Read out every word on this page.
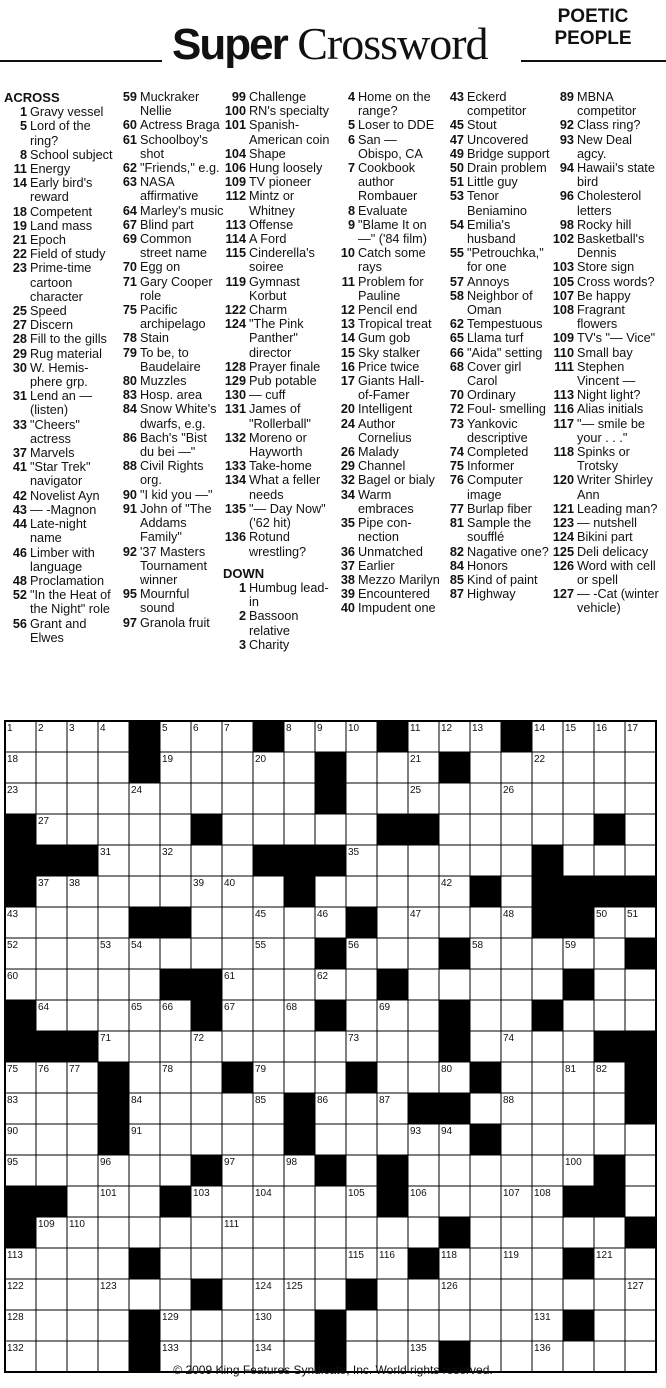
Super Crossword
POETIC
PEOPLE
ACROSS
1 Gravy vessel
5 Lord of the ring?
8 School subject
11 Energy
14 Early bird's reward
18 Competent
19 Land mass
21 Epoch
22 Field of study
23 Prime-time cartoon character
25 Speed
27 Discern
28 Fill to the gills
29 Rug material
30 W. Hemis- phere grp.
31 Lend an — (listen)
33 "Cheers" actress
37 Marvels
41 "Star Trek" navigator
42 Novelist Ayn
43 — -Magnon
44 Late-night name
46 Limber with language
48 Proclamation
52 "In the Heat of the Night" role
56 Grant and Elwes
59 Muckraker Nellie
60 Actress Braga
61 Schoolboy's shot
62 "Friends," e.g.
63 NASA affirmative
64 Marley's music
67 Blind part
69 Common street name
70 Egg on
71 Gary Cooper role
75 Pacific archipelago
78 Stain
79 To be, to Baudelaire
80 Muzzles
83 Hosp. area
84 Snow White's dwarfs, e.g.
86 Bach's "Bist du bei —"
88 Civil Rights org.
90 "I kid you —"
91 John of "The Addams Family"
92 '37 Masters Tournament winner
95 Mournful sound
97 Granola fruit
99 Challenge
100 RN's specialty
101 Spanish- American coin
104 Shape
106 Hung loosely
109 TV pioneer
112 Mintz or Whitney
113 Offense
114 A Ford
115 Cinderella's soiree
119 Gymnast Korbut
122 Charm
124 "The Pink Panther" director
128 Prayer finale
129 Pub potable
130 — cuff
131 James of "Rollerball"
132 Moreno or Hayworth
133 Take-home
134 What a feller needs
135 "— Day Now" ('62 hit)
136 Rotund wrestling?
DOWN
1 Humbug lead-in
2 Bassoon relative
3 Charity
4 Home on the range?
5 Loser to DDE
6 San — Obispo, CA
7 Cookbook author Rombauer
8 Evaluate
9 "Blame It on —" ('84 film)
10 Catch some rays
11 Problem for Pauline
12 Pencil end
13 Tropical treat
14 Gum gob
15 Sky stalker
16 Price twice
17 Giants Hall- of-Famer
20 Intelligent
24 Author Cornelius
26 Malady
29 Channel
32 Bagel or bialy
34 Warm embraces
35 Pipe con- nection
36 Unmatched
37 Earlier
38 Mezzo Marilyn
39 Encountered
40 Impudent one
43 Eckerd competitor
45 Stout
47 Uncovered
49 Bridge support
50 Drain problem
51 Little guy
53 Tenor Beniamino
54 Emilia's husband
55 "Petrouchka," for one
57 Annoys
58 Neighbor of Oman
62 Tempestuous
65 Llama turf
66 "Aida" setting
68 Cover girl Carol
70 Ordinary
72 Foul- smelling
73 Yankovic descriptive
74 Completed
75 Informer
76 Computer image
77 Burlap fiber
81 Sample the soufflé
82 Nagative one?
84 Honors
85 Kind of paint
87 Highway
89 MBNA competitor
92 Class ring?
93 New Deal agcy.
94 Hawaii's state bird
96 Cholesterol letters
98 Rocky hill
102 Basketball's Dennis
103 Store sign
105 Cross words?
107 Be happy
108 Fragrant flowers
109 TV's "— Vice"
110 Small bay
111 Stephen Vincent —
113 Night light?
116 Alias initials
117 "— smile be your . . ."
118 Spinks or Trotsky
120 Writer Shirley Ann
121 Leading man?
123 — nutshell
124 Bikini part
125 Deli delicacy
126 Word with cell or spell
127 — -Cat (winter vehicle)
1	2	3	4	5	6	7	8	9	10	11 12 13	14 15 16 17
18	19	20	21	22
23	24	25	26
27
31	32	35
37 38	39 40	42
43	45	46	47	48	50 51
52	53 54	55	56	58	59
60	61	62
64	65 66	67	68	69
71	72	73	74
75 76 77	78	79	80	81 82
83	84	85	86	87	88
90	91	93 94
95	96	97	98	100
101	103	104	105	106	107 108
109 110	111
113	115 116	118	119	121
122	123	124 125	126	127
128	129	130	131
132	133	134	135	136
© 2009 King Features Syndicate, Inc. World rights reserved.
